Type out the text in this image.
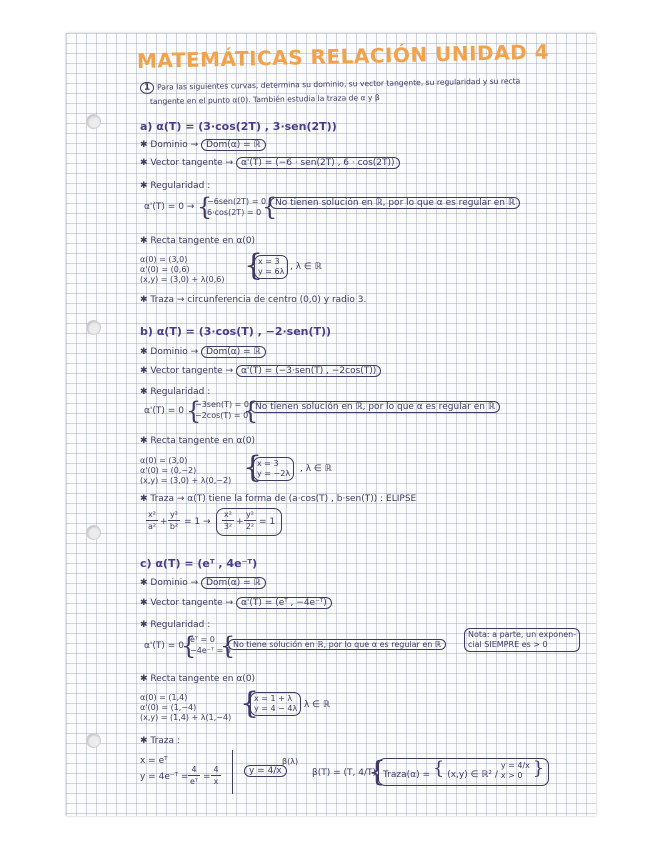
MATEMÁTICAS RELACIÓN UNIDAD 4
1 Para las siguientes curvas, determina su dominio, su vector tangente, su regularidad y su recta
tangente en el punto α(0). También estudia la traza de α y β
a) α(T) = (3·cos(2T) , 3·sen(2T))
✱ Dominio → Dom(α) = ℝ
✱ Vector tangente → α'(T) = (−6 · sen(2T) , 6 · cos(2T))
✱ Regularidad :
α'(T) = 0 → {
−6sen(2T) = 0
6·cos(2T) = 0 {
No tienen solución en ℝ, por lo que α es regular en ℝ
✱ Recta tangente en α(0)
α(0) = (3,0)
α'(0) = (0,6)
(x,y) = (3,0) + λ(0,6) {
x = 3
y = 6λ , λ ∈ ℝ
✱ Traza → circunferencia de centro (0,0) y radio 3.
b) α(T) = (3·cos(T) , −2·sen(T))
✱ Dominio → Dom(α) = ℝ
✱ Vector tangente → α'(T) = (−3·sen(T) , −2cos(T))
✱ Regularidad :
α'(T) = 0 {
−3sen(T) = 0
−2cos(T) = 0
{
No tienen solución en ℝ, por lo que α es regular en ℝ
✱ Recta tangente en α(0)
α(0) = (3,0)
α'(0) = (0,−2)
(x,y) = (3,0) + λ(0,−2) {
x = 3
y = −2λ , λ ∈ ℝ
✱ Traza → α(T) tiene la forma de (a·cos(T) , b·sen(T)) : ELIPSE
x²
a² +
y²
b² = 1 →
x²
3² +
y²
2² = 1
c) α(T) = (eᵀ , 4e⁻ᵀ)
✱ Dominio → Dom(α) = ℝ
✱ Vector tangente → α'(T) = (eᵀ , −4e⁻ᵀ)
✱ Regularidad :
α'(T) = 0
{
eᵀ = 0
−4e⁻ᵀ = 0
{
No tiene solución en ℝ, por lo que α es regular en ℝ
Nota: a parte, un exponen-
cial SIEMPRE es > 0
✱ Recta tangente en α(0)
α(0) = (1,4)
α'(0) = (1,−4)
(x,y) = (1,4) + λ(1,−4) {
x = 1 + λ
y = 4 − 4λ λ ∈ ℝ
✱ Traza :
x = eᵀ
y = 4e⁻ᵀ =
4
eᵀ =
4
x
y = 4/x
β(λ)
β(T) = (T, 4/T)
{
Traza(α) = { (x,y) ∈ ℝ² /
y = 4/x
x > 0 }
